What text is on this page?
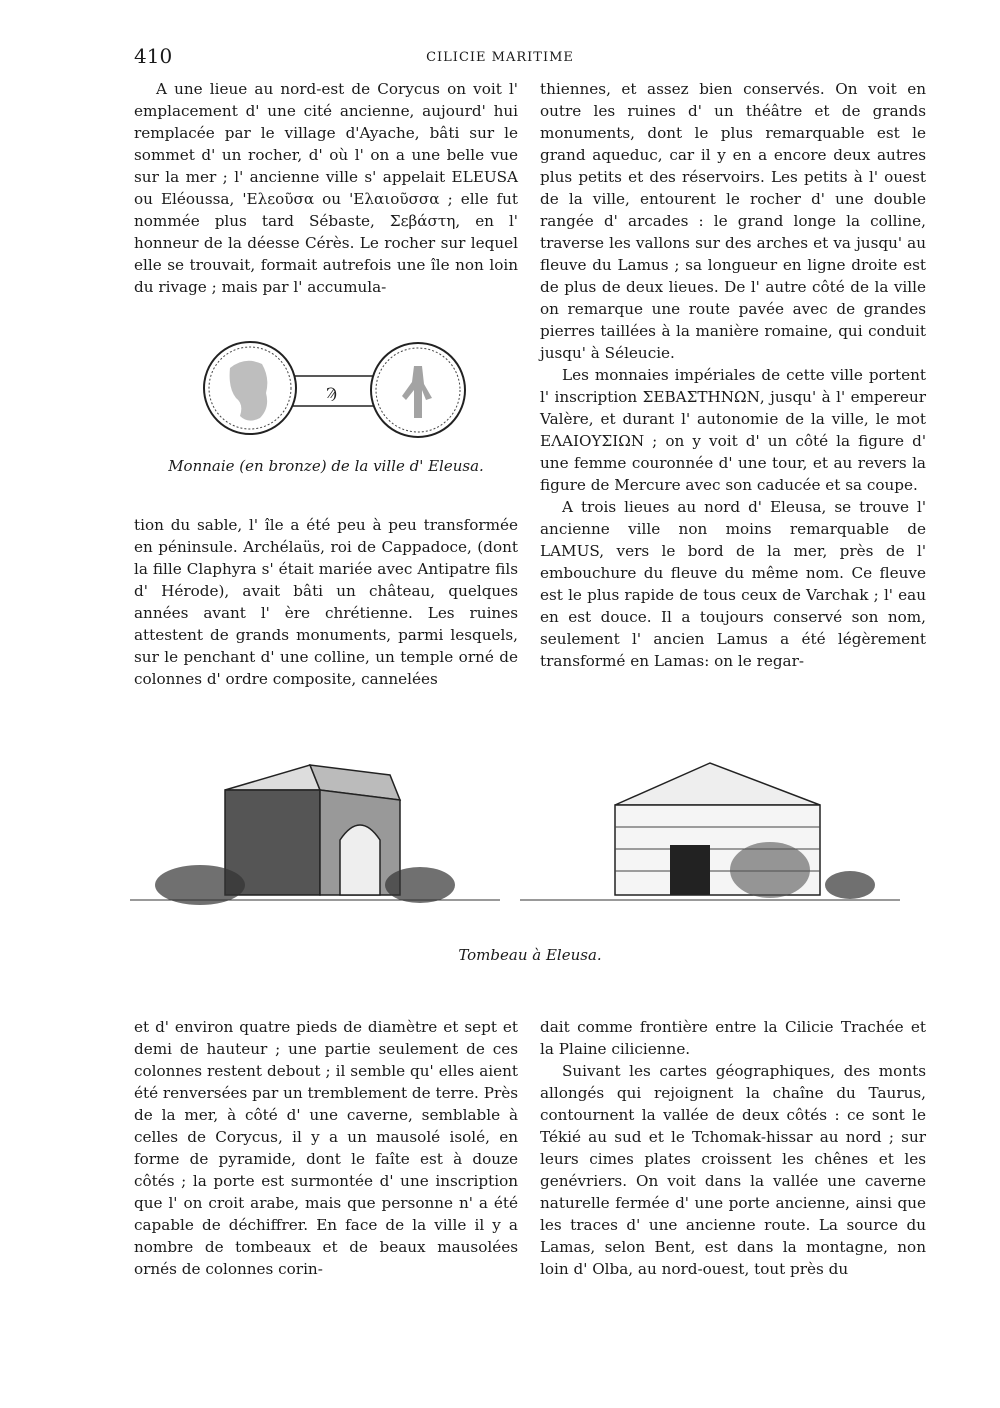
410	CILICIE MARITIME

A une lieue au nord-est de Corycus on voit l' emplacement d' une cité ancienne, aujourd' hui remplacée par le village d'Ayache, bâti sur le sommet d' un rocher, d' où l' on a une belle vue sur la mer ; l' ancienne ville s' appelait ELEUSA ou Eléoussa, 'Ελεοῦσα ou 'Ελαιοῦσσα ; elle fut nommée plus tard Sébaste, Σεβάστη, en l' honneur de la déesse Cérès. Le rocher sur lequel elle se trouvait, formait autrefois une île non loin du rivage ; mais par l' accumula-

Ϡ
Monnaie (en bronze) de la ville d' Eleusa.

tion du sable, l' île a été peu à peu transformée en péninsule. Archélaüs, roi de Cappadoce, (dont la fille Claphyra s' était mariée avec Antipatre fils d' Hérode), avait bâti un château, quelques années avant l' ère chrétienne. Les ruines attestent de grands monuments, parmi lesquels, sur le penchant d' une colline, un temple orné de colonnes d' ordre composite, cannelées

thiennes, et assez bien conservés. On voit en outre les ruines d' un théâtre et de grands monuments, dont le plus remarquable est le grand aqueduc, car il y en a encore deux autres plus petits et des réservoirs. Les petits à l' ouest de la ville, entourent le rocher d' une double rangée d' arcades : le grand longe la colline, traverse les vallons sur des arches et va jusqu' au fleuve du Lamus ; sa longueur en ligne droite est de plus de deux lieues. De l' autre côté de la ville on remarque une route pavée avec de grandes pierres taillées à la manière romaine, qui conduit jusqu' à Séleucie.

Les monnaies impériales de cette ville portent l' inscription ΣΕΒΑΣΤΗΝΩΝ, jusqu' à l' empereur Valère, et durant l' autonomie de la ville, le mot ΕΛΑΙΟΥΣΙΩΝ ; on y voit d' un côté la figure d' une femme couronnée d' une tour, et au revers la figure de Mercure avec son caducée et sa coupe.

A trois lieues au nord d' Eleusa, se trouve l' ancienne ville non moins remarquable de LAMUS, vers le bord de la mer, près de l' embouchure du fleuve du même nom. Ce fleuve est le plus rapide de tous ceux de Varchak ; l' eau en est douce. Il a toujours conservé son nom, seulement l' ancien Lamus a été légèrement transformé en Lamas: on le regar-

Tombeau à Eleusa.

et d' environ quatre pieds de diamètre et sept et demi de hauteur ; une partie seulement de ces colonnes restent debout ; il semble qu' elles aient été renversées par un tremblement de terre. Près de la mer, à côté d' une caverne, semblable à celles de Corycus, il y a un mausolé isolé, en forme de pyramide, dont le faîte est à douze côtés ; la porte est surmontée d' une inscription que l' on croit arabe, mais que personne n' a été capable de déchiffrer. En face de la ville il y a nombre de tombeaux et de beaux mausolées ornés de colonnes corin-

dait comme frontière entre la Cilicie Trachée et la Plaine cilicienne.

Suivant les cartes géographiques, des monts allongés qui rejoignent la chaîne du Taurus, contournent la vallée de deux côtés : ce sont le Tékié au sud et le Tchomak-hissar au nord ; sur leurs cimes plates croissent les chênes et les genévriers. On voit dans la vallée une caverne naturelle fermée d' une porte ancienne, ainsi que les traces d' une ancienne route. La source du Lamas, selon Bent, est dans la montagne, non loin d' Olba, au nord-ouest, tout près du
